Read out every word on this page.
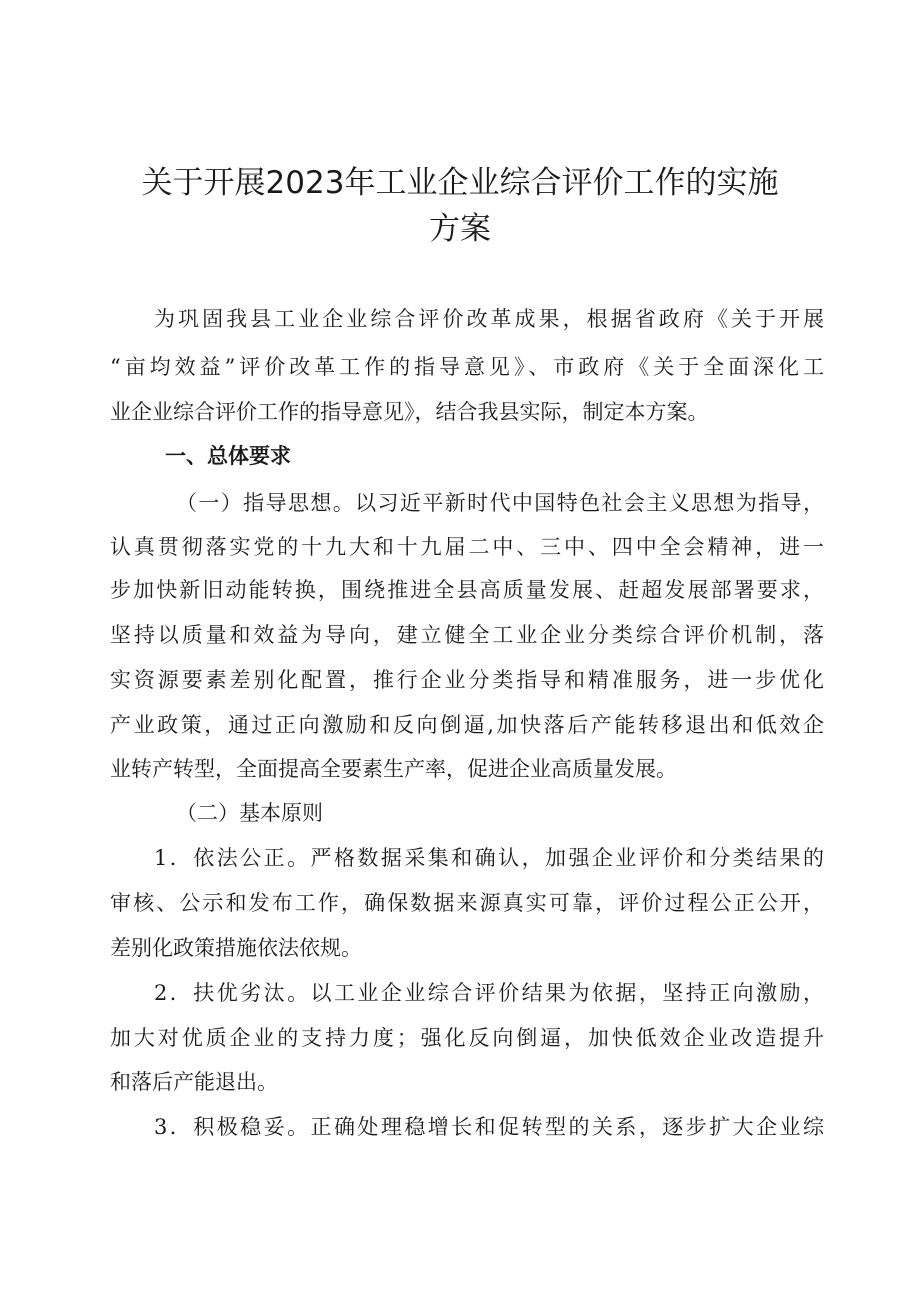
关于开展2023年工业企业综合评价工作的实施
方案
为巩固我县工业企业综合评价改革成果，根据省政府《关于开展
“亩均效益”评价改革工作的指导意见》、市政府《关于全面深化工
业企业综合评价工作的指导意见》，结合我县实际，制定本方案。
一、总体要求
（一）指导思想。以习近平新时代中国特色社会主义思想为指导，
认真贯彻落实党的十九大和十九届二中、三中、四中全会精神，进一
步加快新旧动能转换，围绕推进全县高质量发展、赶超发展部署要求，
坚持以质量和效益为导向，建立健全工业企业分类综合评价机制，落
实资源要素差别化配置，推行企业分类指导和精准服务，进一步优化
产业政策，通过正向激励和反向倒逼,加快落后产能转移退出和低效企
业转产转型，全面提高全要素生产率，促进企业高质量发展。
（二）基本原则
1．依法公正。严格数据采集和确认，加强企业评价和分类结果的
审核、公示和发布工作，确保数据来源真实可靠，评价过程公正公开，
差别化政策措施依法依规。
2．扶优劣汰。以工业企业综合评价结果为依据，坚持正向激励，
加大对优质企业的支持力度；强化反向倒逼，加快低效企业改造提升
和落后产能退出。
3．积极稳妥。正确处理稳增长和促转型的关系，逐步扩大企业综
